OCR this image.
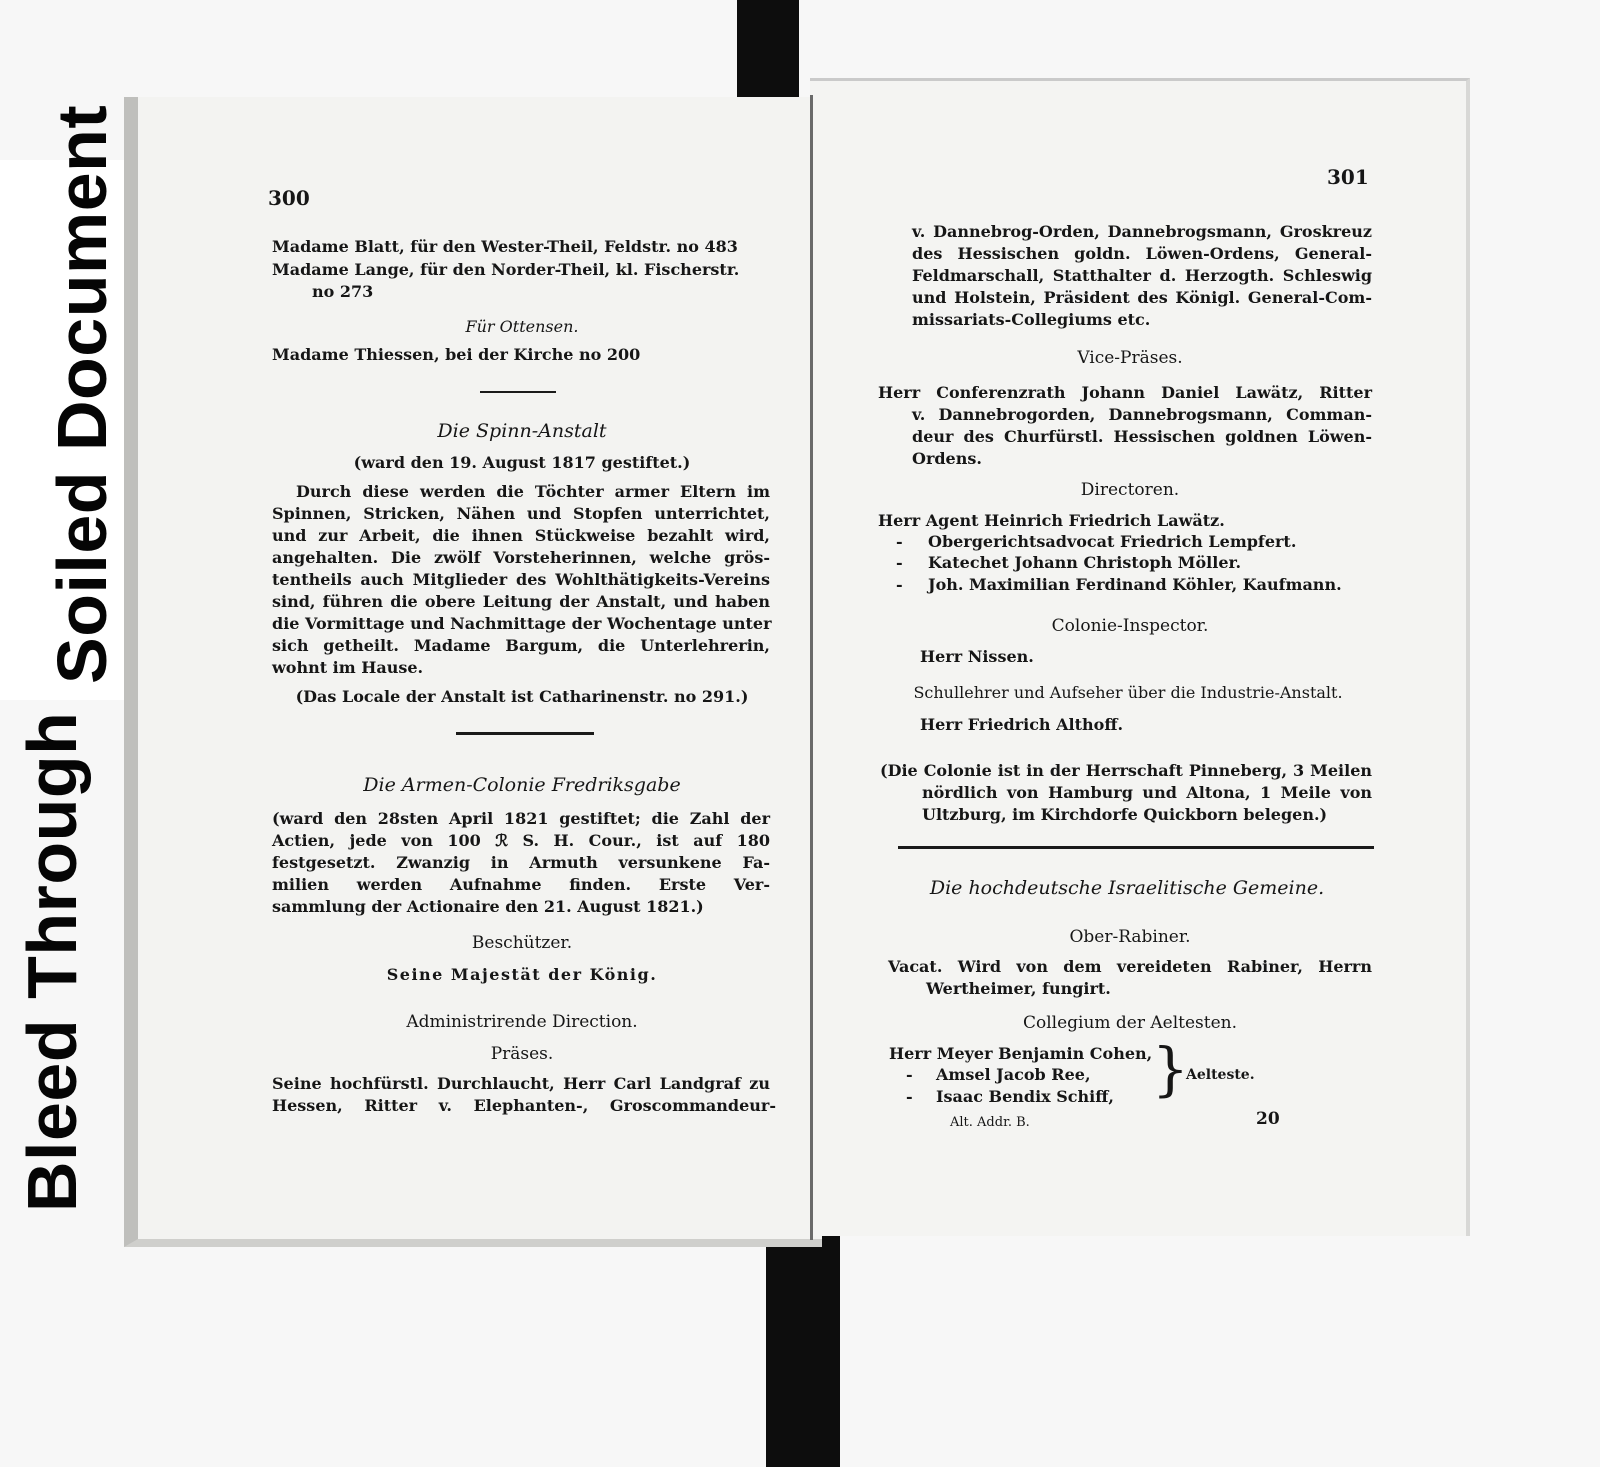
Soiled Document
Bleed Through
300
Madame Blatt, für den Wester-Theil, Feldstr. no 483
Madame Lange, für den Norder-Theil, kl. Fischerstr.
no 273
Für Ottensen.
Madame Thiessen, bei der Kirche no 200
Die Spinn-Anstalt
(ward den 19. August 1817 gestiftet.)
Durch diese werden die Töchter armer Eltern im
Spinnen, Stricken, Nähen und Stopfen unterrichtet,
und zur Arbeit, die ihnen Stückweise bezahlt wird,
angehalten. Die zwölf Vorsteherinnen, welche grös-
tentheils auch Mitglieder des Wohlthätigkeits-Vereins
sind, führen die obere Leitung der Anstalt, und haben
die Vormittage und Nachmittage der Wochentage unter
sich getheilt. Madame Bargum, die Unterlehrerin,
wohnt im Hause.
(Das Locale der Anstalt ist Catharinenstr. no 291.)
Die Armen-Colonie Fredriksgabe
(ward den 28sten April 1821 gestiftet; die Zahl der
Actien, jede von 100 ℛ S. H. Cour., ist auf 180
festgesetzt. Zwanzig in Armuth versunkene Fa-
milien werden Aufnahme finden. Erste Ver-
sammlung der Actionaire den 21. August 1821.)
Beschützer.
Seine Majestät der König.
Administrirende Direction.
Präses.
Seine hochfürstl. Durchlaucht, Herr Carl Landgraf zu
Hessen, Ritter v. Elephanten-, Groscommandeur-
301
v. Dannebrog-Orden, Dannebrogsmann, Groskreuz
des Hessischen goldn. Löwen-Ordens, General-
Feldmarschall, Statthalter d. Herzogth. Schleswig
und Holstein, Präsident des Königl. General-Com-
missariats-Collegiums etc.
Vice-Präses.
Herr Conferenzrath Johann Daniel Lawätz, Ritter
v. Dannebrogorden, Dannebrogsmann, Comman-
deur des Churfürstl. Hessischen goldnen Löwen-
Ordens.
Directoren.
Herr Agent Heinrich Friedrich Lawätz.
- Obergerichtsadvocat Friedrich Lempfert.
- Katechet Johann Christoph Möller.
- Joh. Maximilian Ferdinand Köhler, Kaufmann.
Colonie-Inspector.
Herr Nissen.
Schullehrer und Aufseher über die Industrie-Anstalt.
Herr Friedrich Althoff.
(Die Colonie ist in der Herrschaft Pinneberg, 3 Meilen
nördlich von Hamburg und Altona, 1 Meile von
Ultzburg, im Kirchdorfe Quickborn belegen.)
Die hochdeutsche Israelitische Gemeine.
Ober-Rabiner.
Vacat. Wird von dem vereideten Rabiner, Herrn
Wertheimer, fungirt.
Collegium der Aeltesten.
Herr Meyer Benjamin Cohen,
- Amsel Jacob Ree,
- Isaac Bendix Schiff, }
Aelteste.
Alt. Addr. B.	20
